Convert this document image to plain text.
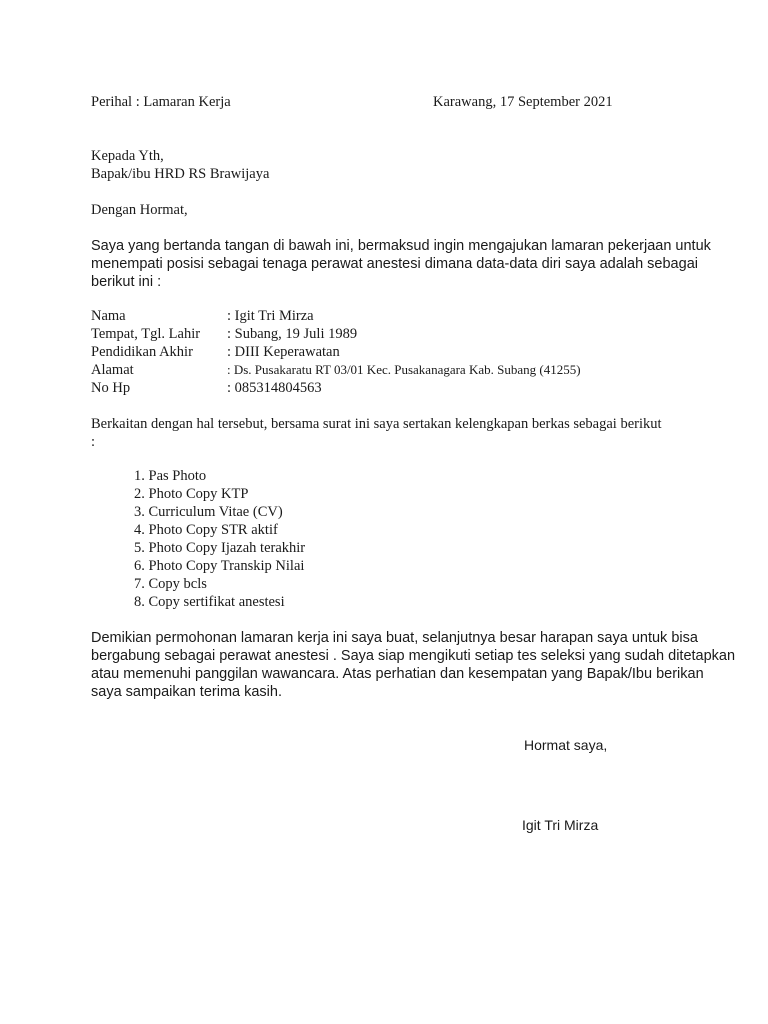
Perihal : Lamaran Kerja	Karawang, 17 September 2021
Kepada Yth,
Bapak/ibu HRD RS Brawijaya
Dengan Hormat,
Saya yang bertanda tangan di bawah ini, bermaksud ingin mengajukan lamaran pekerjaan untuk
menempati posisi sebagai tenaga perawat anestesi dimana data-data diri saya adalah sebagai
berikut ini :
Nama	: Igit Tri Mirza
Tempat, Tgl. Lahir : Subang, 19 Juli 1989
Pendidikan Akhir : DIII Keperawatan
Alamat	: Ds. Pusakaratu RT 03/01 Kec. Pusakanagara Kab. Subang (41255)
No Hp	: 085314804563
Berkaitan dengan hal tersebut, bersama surat ini saya sertakan kelengkapan berkas sebagai berikut
:
1. Pas Photo
2. Photo Copy KTP
3. Curriculum Vitae (CV)
4. Photo Copy STR aktif
5. Photo Copy Ijazah terakhir
6. Photo Copy Transkip Nilai
7. Copy bcls
8. Copy sertifikat anestesi
Demikian permohonan lamaran kerja ini saya buat, selanjutnya besar harapan saya untuk bisa
bergabung sebagai perawat anestesi . Saya siap mengikuti setiap tes seleksi yang sudah ditetapkan
atau memenuhi panggilan wawancara. Atas perhatian dan kesempatan yang Bapak/Ibu berikan
saya sampaikan terima kasih.
Hormat saya,
Igit Tri Mirza
